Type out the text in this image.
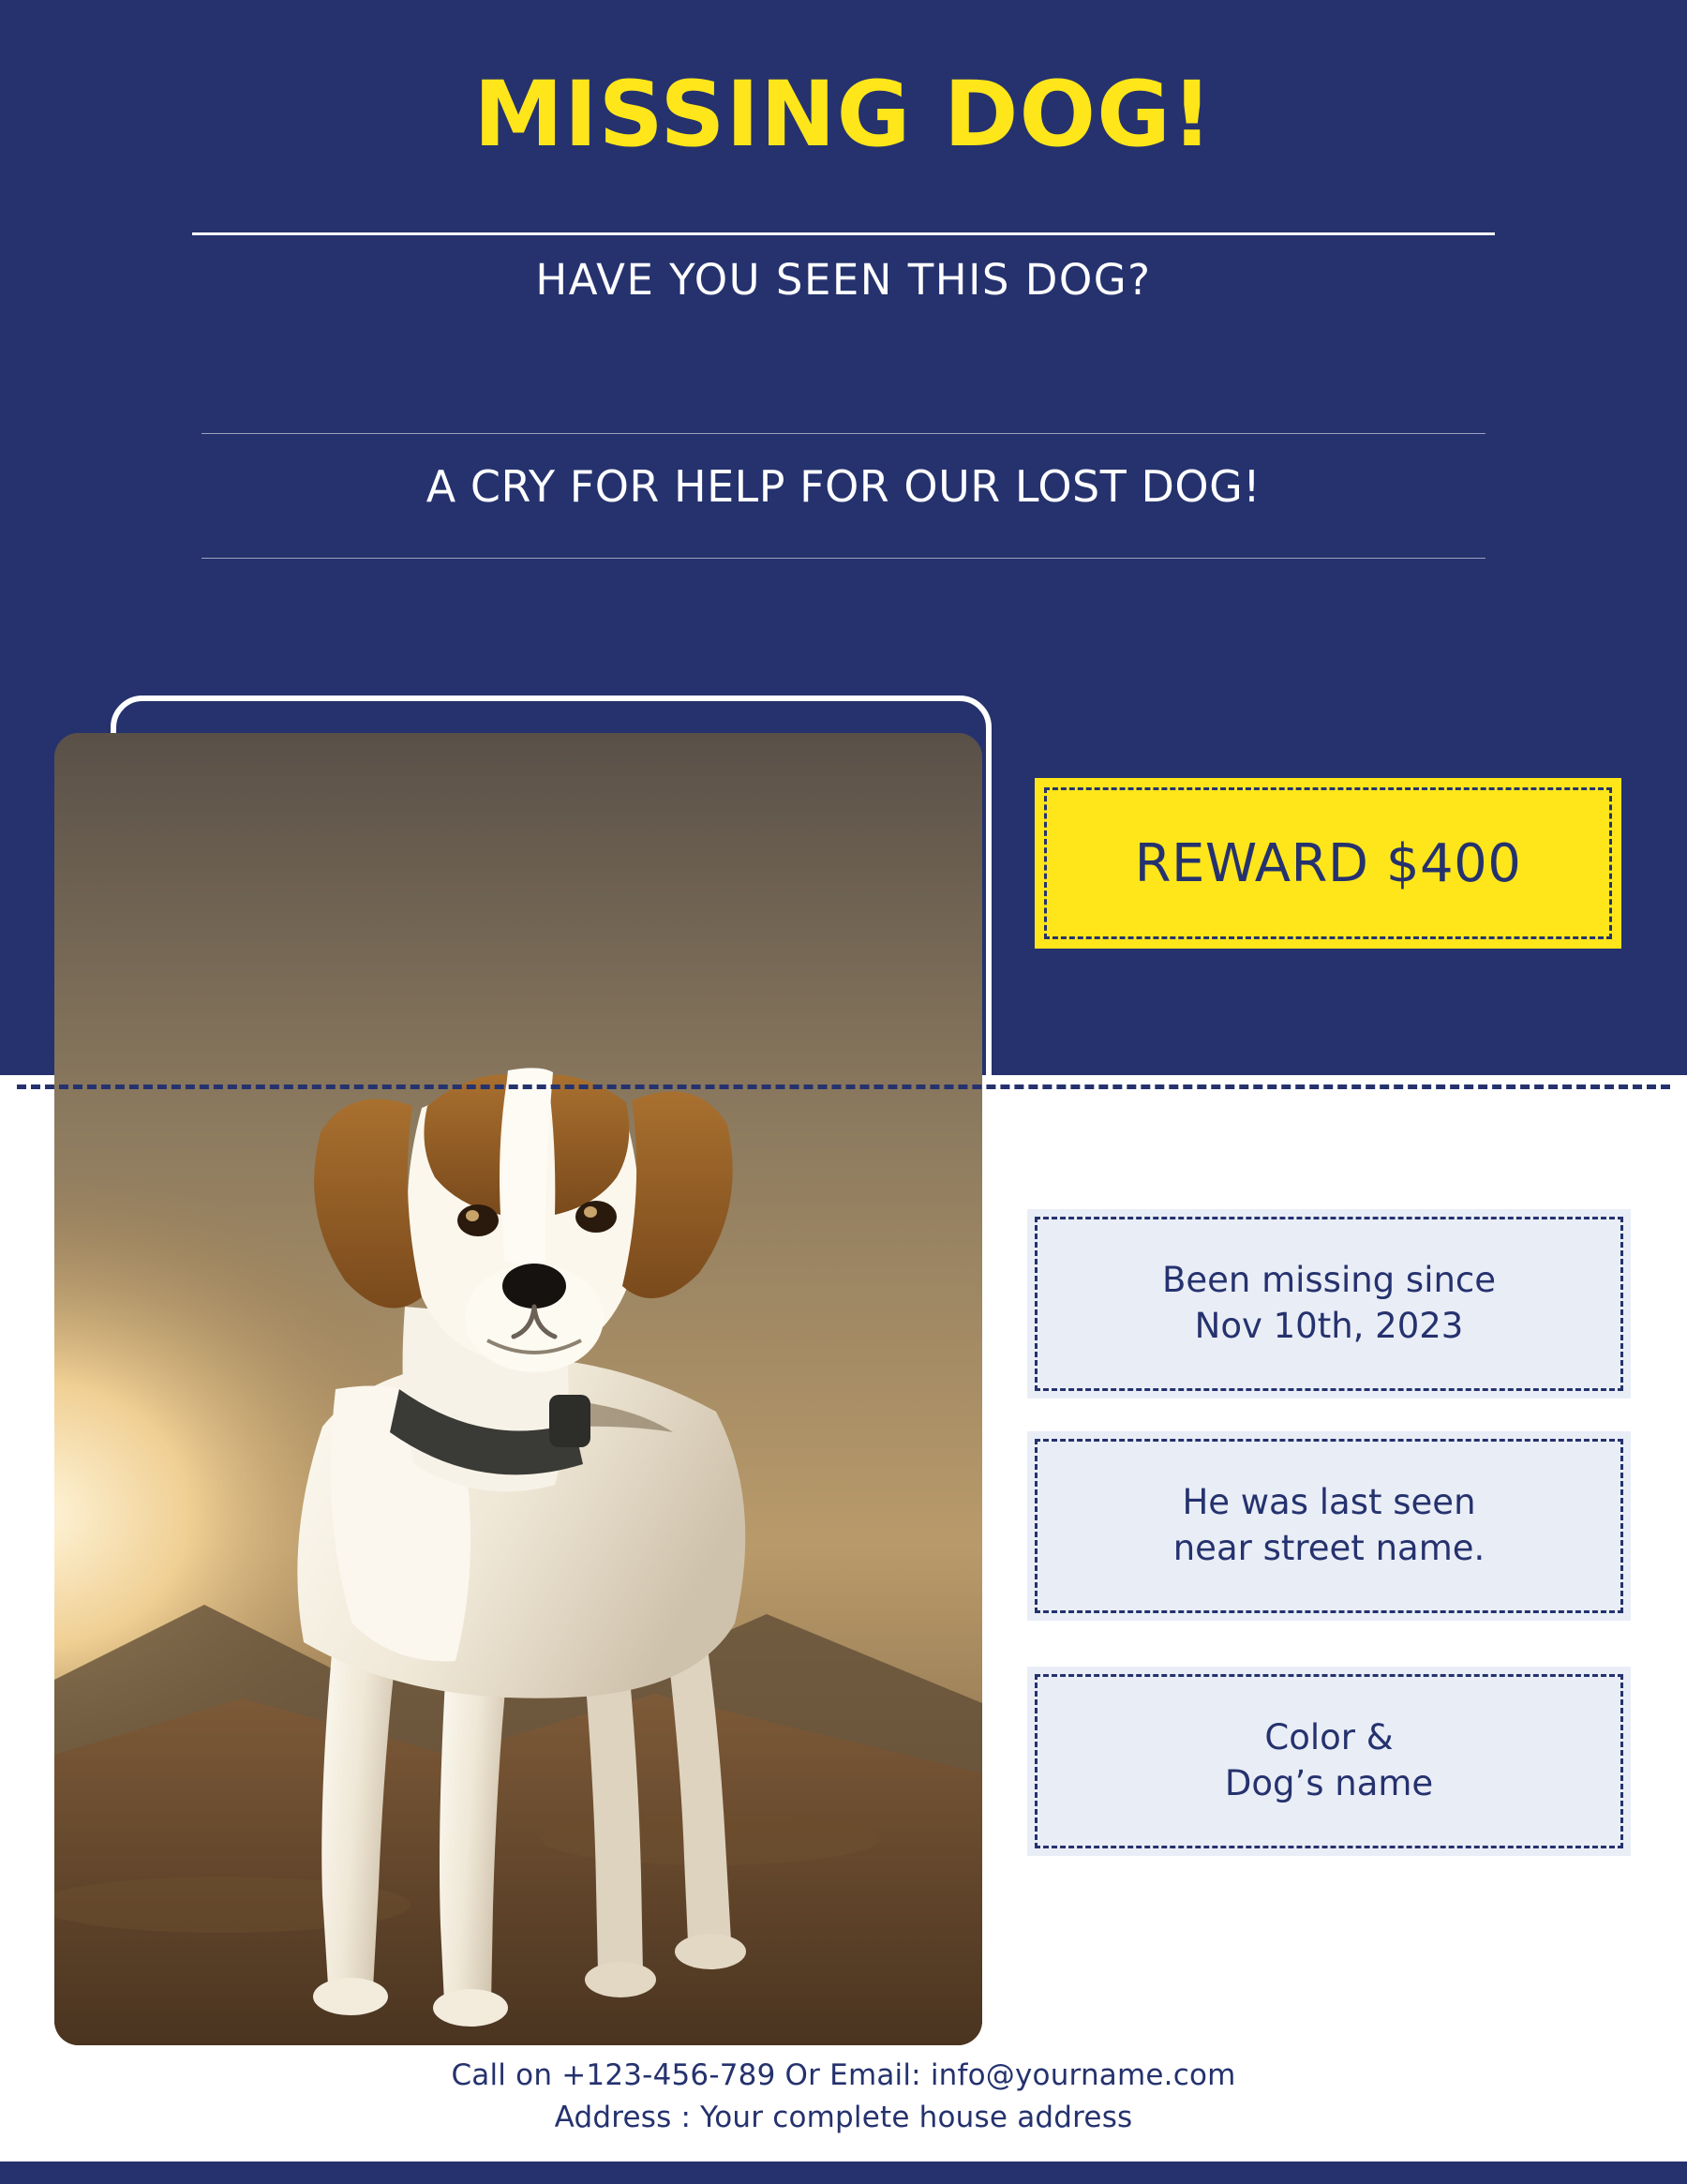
MISSING DOG!
HAVE YOU SEEN THIS DOG?
A CRY FOR HELP FOR OUR LOST DOG!
REWARD $400
Been missing since
Nov 10th, 2023
He was last seen
near street name.
Color &
Dog’s name
Call on +123-456-789 Or Email: info@yourname.com
Address : Your complete house address
